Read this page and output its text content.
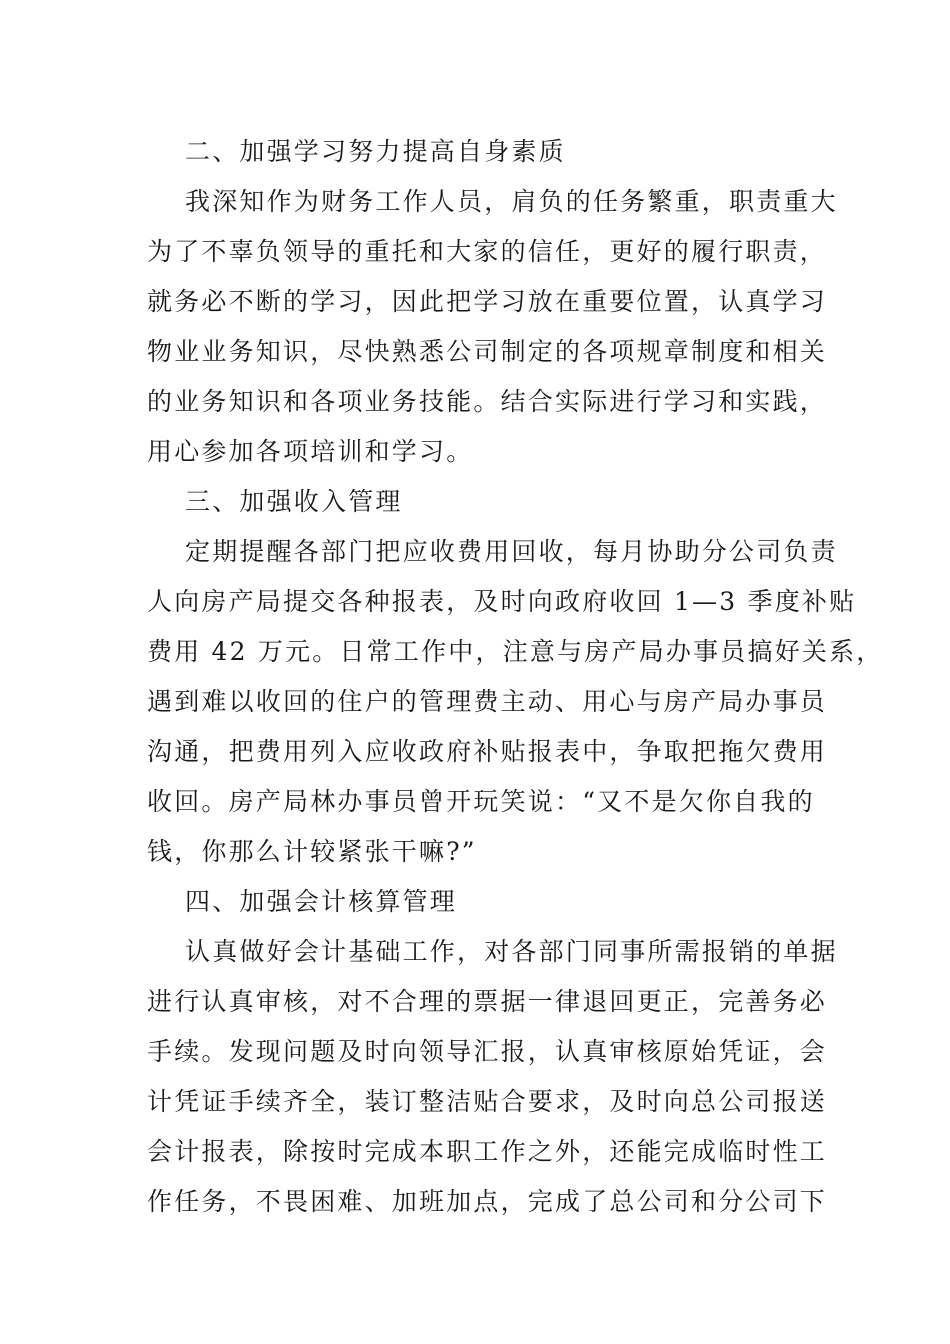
二、加强学习努力提高自身素质
我深知作为财务工作人员，肩负的任务繁重，职责重大
为了不辜负领导的重托和大家的信任，更好的履行职责，
就务必不断的学习，因此把学习放在重要位置，认真学习
物业业务知识，尽快熟悉公司制定的各项规章制度和相关
的业务知识和各项业务技能。结合实际进行学习和实践，
用心参加各项培训和学习。
三、加强收入管理
定期提醒各部门把应收费用回收，每月协助分公司负责
人向房产局提交各种报表，及时向政府收回 1—3 季度补贴
费用 42 万元。日常工作中，注意与房产局办事员搞好关系，
遇到难以收回的住户的管理费主动、用心与房产局办事员
沟通，把费用列入应收政府补贴报表中，争取把拖欠费用
收回。房产局林办事员曾开玩笑说：“又不是欠你自我的
钱，你那么计较紧张干嘛?”
四、加强会计核算管理
认真做好会计基础工作，对各部门同事所需报销的单据
进行认真审核，对不合理的票据一律退回更正，完善务必
手续。发现问题及时向领导汇报，认真审核原始凭证，会
计凭证手续齐全，装订整洁贴合要求，及时向总公司报送
会计报表，除按时完成本职工作之外，还能完成临时性工
作任务，不畏困难、加班加点，完成了总公司和分公司下
